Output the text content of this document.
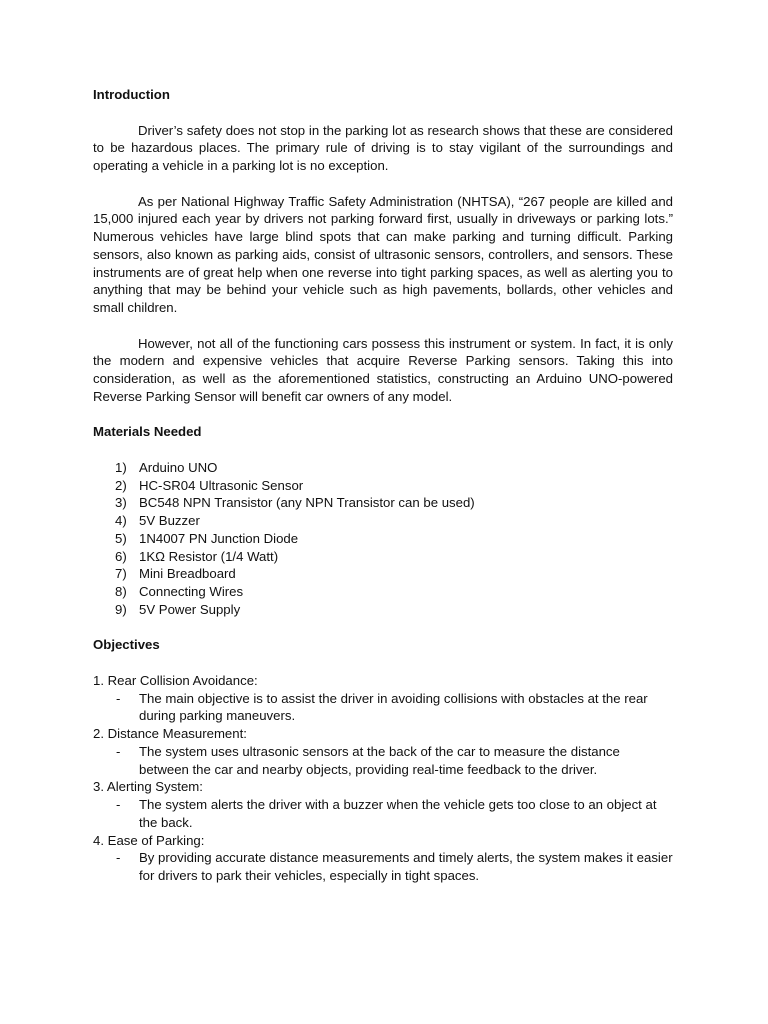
Introduction

Driver’s safety does not stop in the parking lot as research shows that these are considered to be hazardous places. The primary rule of driving is to stay vigilant of the surroundings and operating a vehicle in a parking lot is no exception.

As per National Highway Traffic Safety Administration (NHTSA), “267 people are killed and 15,000 injured each year by drivers not parking forward first, usually in driveways or parking lots.” Numerous vehicles have large blind spots that can make parking and turning difficult. Parking sensors, also known as parking aids, consist of ultrasonic sensors, controllers, and sensors. These instruments are of great help when one reverse into tight parking spaces, as well as alerting you to anything that may be behind your vehicle such as high pavements, bollards, other vehicles and small children.

However, not all of the functioning cars possess this instrument or system. In fact, it is only the modern and expensive vehicles that acquire Reverse Parking sensors. Taking this into consideration, as well as the aforementioned statistics, constructing an Arduino UNO-powered Reverse Parking Sensor will benefit car owners of any model.

Materials Needed

1) Arduino UNO
2) HC-SR04 Ultrasonic Sensor
3) BC548 NPN Transistor (any NPN Transistor can be used)
4) 5V Buzzer
5) 1N4007 PN Junction Diode
6) 1KΩ Resistor (1/4 Watt)
7) Mini Breadboard
8) Connecting Wires
9) 5V Power Supply

Objectives

1. Rear Collision Avoidance:

- The main objective is to assist the driver in avoiding collisions with obstacles at the rear during parking maneuvers.

2. Distance Measurement:

- The system uses ultrasonic sensors at the back of the car to measure the distance between the car and nearby objects, providing real-time feedback to the driver.

3. Alerting System:

- The system alerts the driver with a buzzer when the vehicle gets too close to an object at the back.

4. Ease of Parking:

- By providing accurate distance measurements and timely alerts, the system makes it easier for drivers to park their vehicles, especially in tight spaces.
